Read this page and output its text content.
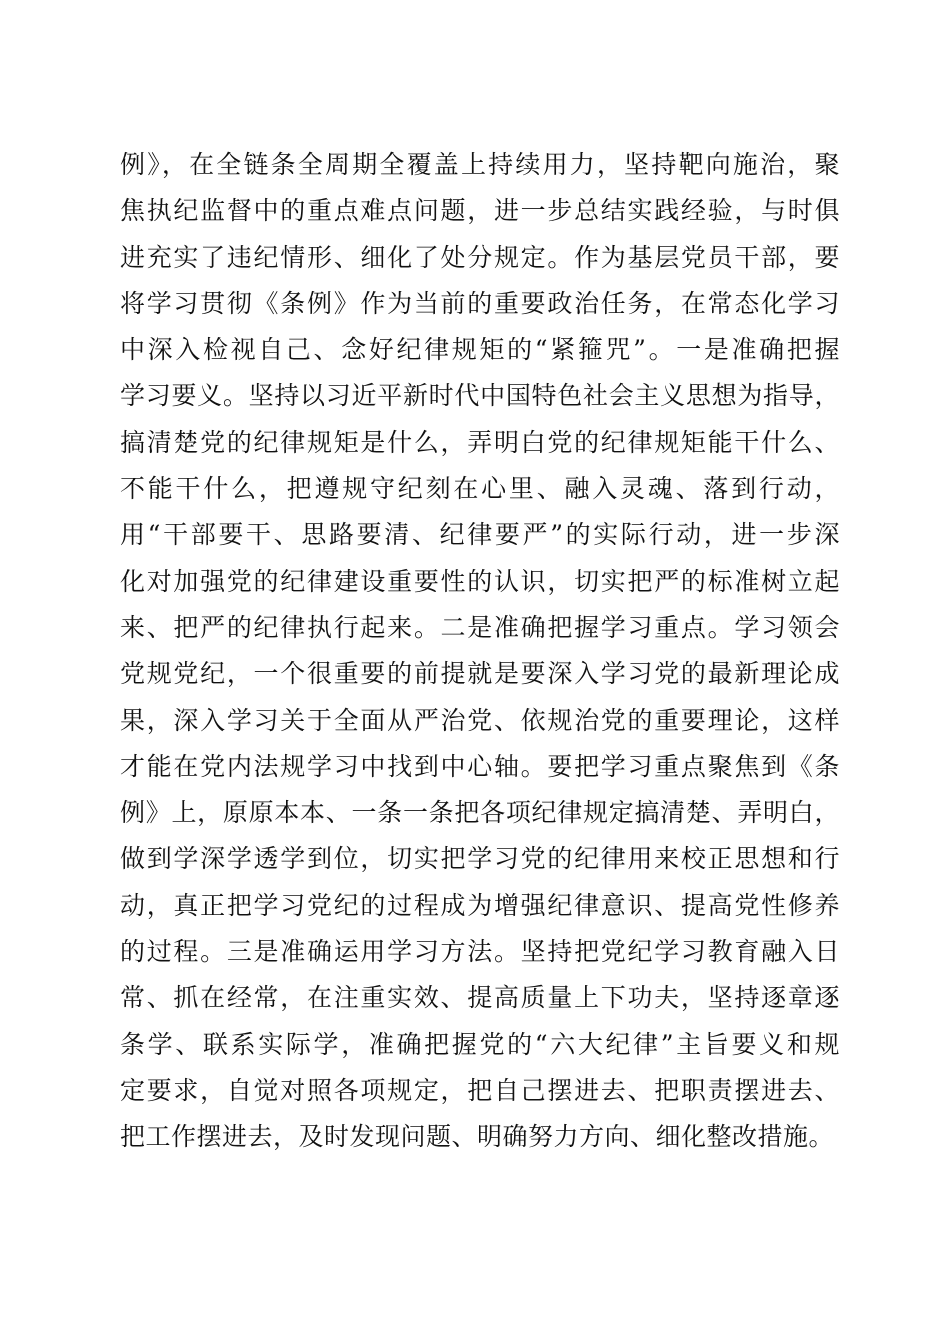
例》，在全链条全周期全覆盖上持续用力，坚持靶向施治，聚
焦执纪监督中的重点难点问题，进一步总结实践经验，与时俱
进充实了违纪情形、细化了处分规定。作为基层党员干部，要
将学习贯彻《条例》作为当前的重要政治任务，在常态化学习
中深入检视自己、念好纪律规矩的“紧箍咒”。一是准确把握
学习要义。坚持以习近平新时代中国特色社会主义思想为指导，
搞清楚党的纪律规矩是什么，弄明白党的纪律规矩能干什么、
不能干什么，把遵规守纪刻在心里、融入灵魂、落到行动，
用“干部要干、思路要清、纪律要严”的实际行动，进一步深
化对加强党的纪律建设重要性的认识，切实把严的标准树立起
来、把严的纪律执行起来。二是准确把握学习重点。学习领会
党规党纪，一个很重要的前提就是要深入学习党的最新理论成
果，深入学习关于全面从严治党、依规治党的重要理论，这样
才能在党内法规学习中找到中心轴。要把学习重点聚焦到《条
例》上，原原本本、一条一条把各项纪律规定搞清楚、弄明白，
做到学深学透学到位，切实把学习党的纪律用来校正思想和行
动，真正把学习党纪的过程成为增强纪律意识、提高党性修养
的过程。三是准确运用学习方法。坚持把党纪学习教育融入日
常、抓在经常，在注重实效、提高质量上下功夫，坚持逐章逐
条学、联系实际学，准确把握党的“六大纪律”主旨要义和规
定要求，自觉对照各项规定，把自己摆进去、把职责摆进去、
把工作摆进去，及时发现问题、明确努力方向、细化整改措施。
